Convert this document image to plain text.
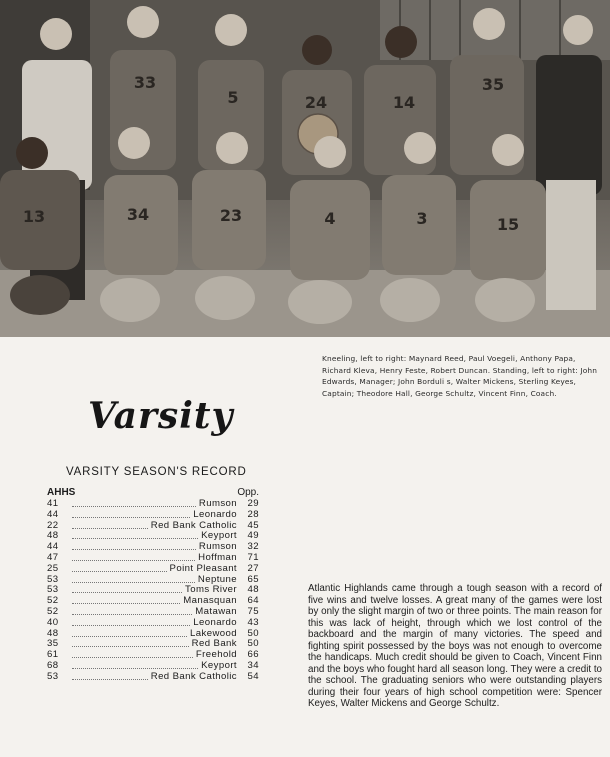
33
5	24	14
35
13	34	23	4	3	15
Kneeling, left to right: Maynard Reed, Paul Voegeli, Anthony Papa, Richard Kleva, Henry Feste, Robert Duncan. Standing, left to right: John Edwards, Manager; John Borduli s, Walter Mickens, Sterling Keyes, Captain; Theodore Hall, George Schultz, Vincent Finn, Coach.
Varsity
VARSITY SEASON'S RECORD
AHHS	Opp.
41	Rumson	29
44	Leonardo	28
22	Red Bank Catholic	45
48	Keyport	49
44	Rumson	32
47	Hoffman	71
25	Point Pleasant	27
53	Neptune	65
53	Toms River	48
52	Manasquan	64
52	Matawan	75
40	Leonardo	43
48	Lakewood	50
35	Red Bank	50
61	Freehold	66
68	Keyport	34
53	Red Bank Catholic	54
Atlantic Highlands came through a tough season with a record of five wins and twelve losses. A great many of the games were lost by only the slight margin of two or three points. The main reason for this was lack of height, through which we lost control of the backboard and the margin of many victories. The speed and fighting spirit possessed by the boys was not enough to overcome the handicaps. Much credit should be given to Coach, Vincent Finn and the boys who fought hard all season long. They were a credit to the school. The graduating seniors who were outstanding players during their four years of high school competition were: Spencer Keyes, Walter Mickens and George Schultz.
